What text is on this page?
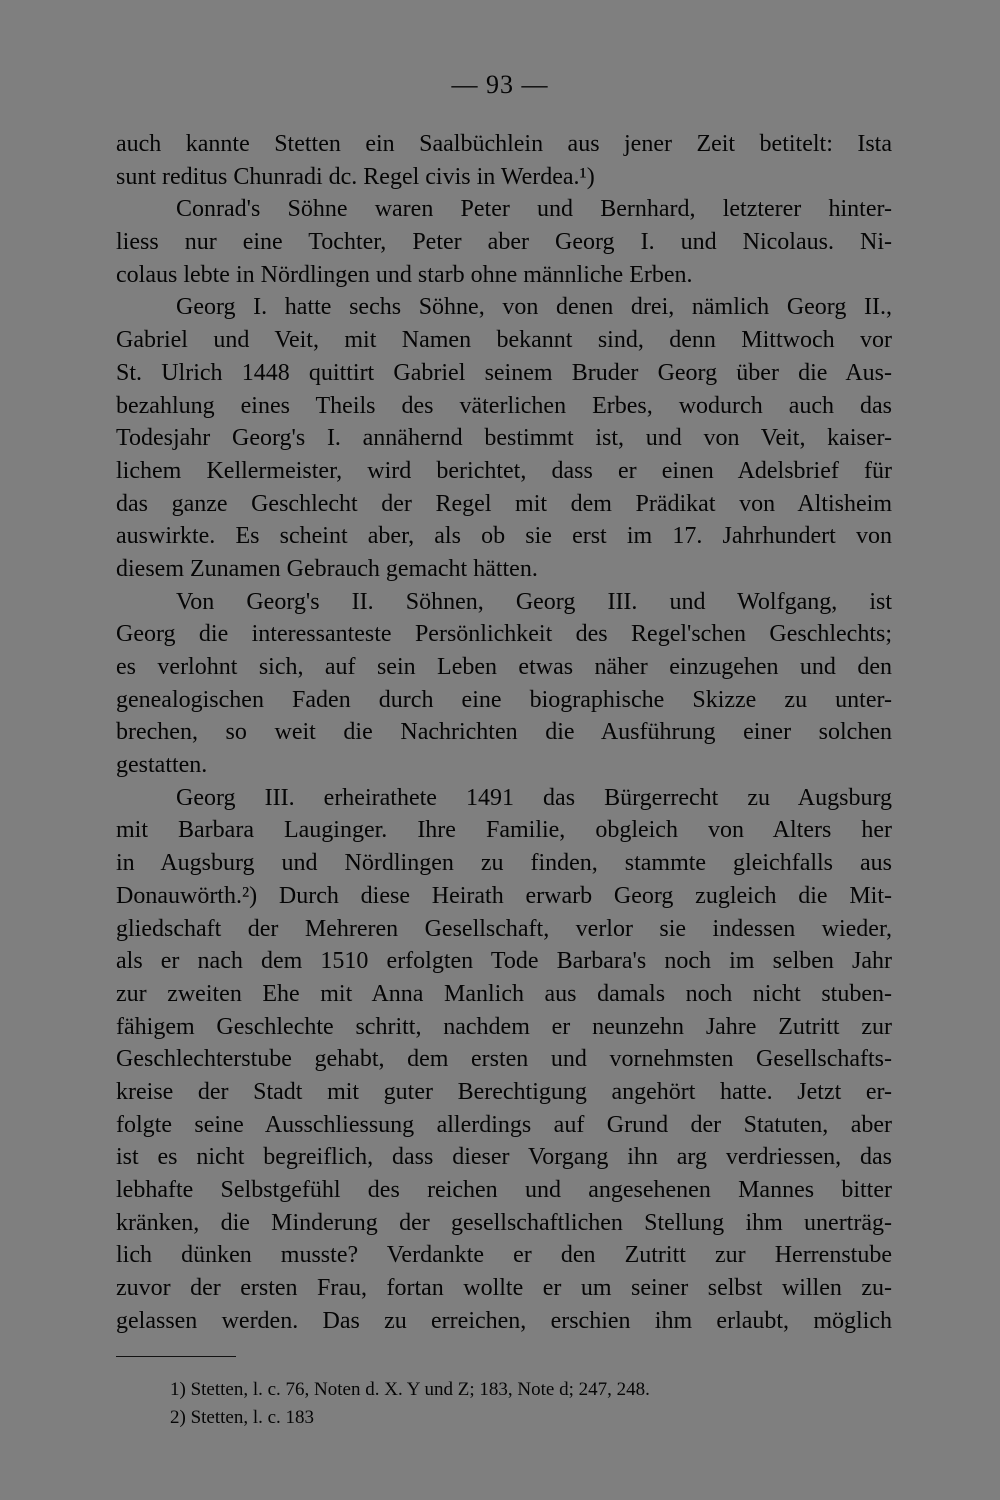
— 93 —
auch kannte Stetten ein Saalbüchlein aus jener Zeit betitelt: Ista
sunt reditus Chunradi dc. Regel civis in Werdea.¹)
Conrad's Söhne waren Peter und Bernhard, letzterer hinter-
liess nur eine Tochter, Peter aber Georg I. und Nicolaus. Ni-
colaus lebte in Nördlingen und starb ohne männliche Erben.
Georg I. hatte sechs Söhne, von denen drei, nämlich Georg II.,
Gabriel und Veit, mit Namen bekannt sind, denn Mittwoch vor
St. Ulrich 1448 quittirt Gabriel seinem Bruder Georg über die Aus-
bezahlung eines Theils des väterlichen Erbes, wodurch auch das
Todesjahr Georg's I. annähernd bestimmt ist, und von Veit, kaiser-
lichem Kellermeister, wird berichtet, dass er einen Adelsbrief für
das ganze Geschlecht der Regel mit dem Prädikat von Altisheim
auswirkte. Es scheint aber, als ob sie erst im 17. Jahrhundert von
diesem Zunamen Gebrauch gemacht hätten.
Von Georg's II. Söhnen, Georg III. und Wolfgang, ist
Georg die interessanteste Persönlichkeit des Regel'schen Geschlechts;
es verlohnt sich, auf sein Leben etwas näher einzugehen und den
genealogischen Faden durch eine biographische Skizze zu unter-
brechen, so weit die Nachrichten die Ausführung einer solchen
gestatten.
Georg III. erheirathete 1491 das Bürgerrecht zu Augsburg
mit Barbara Lauginger. Ihre Familie, obgleich von Alters her
in Augsburg und Nördlingen zu finden, stammte gleichfalls aus
Donauwörth.²) Durch diese Heirath erwarb Georg zugleich die Mit-
gliedschaft der Mehreren Gesellschaft, verlor sie indessen wieder,
als er nach dem 1510 erfolgten Tode Barbara's noch im selben Jahr
zur zweiten Ehe mit Anna Manlich aus damals noch nicht stuben-
fähigem Geschlechte schritt, nachdem er neunzehn Jahre Zutritt zur
Geschlechterstube gehabt, dem ersten und vornehmsten Gesellschafts-
kreise der Stadt mit guter Berechtigung angehört hatte. Jetzt er-
folgte seine Ausschliessung allerdings auf Grund der Statuten, aber
ist es nicht begreiflich, dass dieser Vorgang ihn arg verdriessen, das
lebhafte Selbstgefühl des reichen und angesehenen Mannes bitter
kränken, die Minderung der gesellschaftlichen Stellung ihm unerträg-
lich dünken musste? Verdankte er den Zutritt zur Herrenstube
zuvor der ersten Frau, fortan wollte er um seiner selbst willen zu-
gelassen werden. Das zu erreichen, erschien ihm erlaubt, möglich
1) Stetten, l. c. 76, Noten d. X. Y und Z; 183, Note d; 247, 248.
2) Stetten, l. c. 183
